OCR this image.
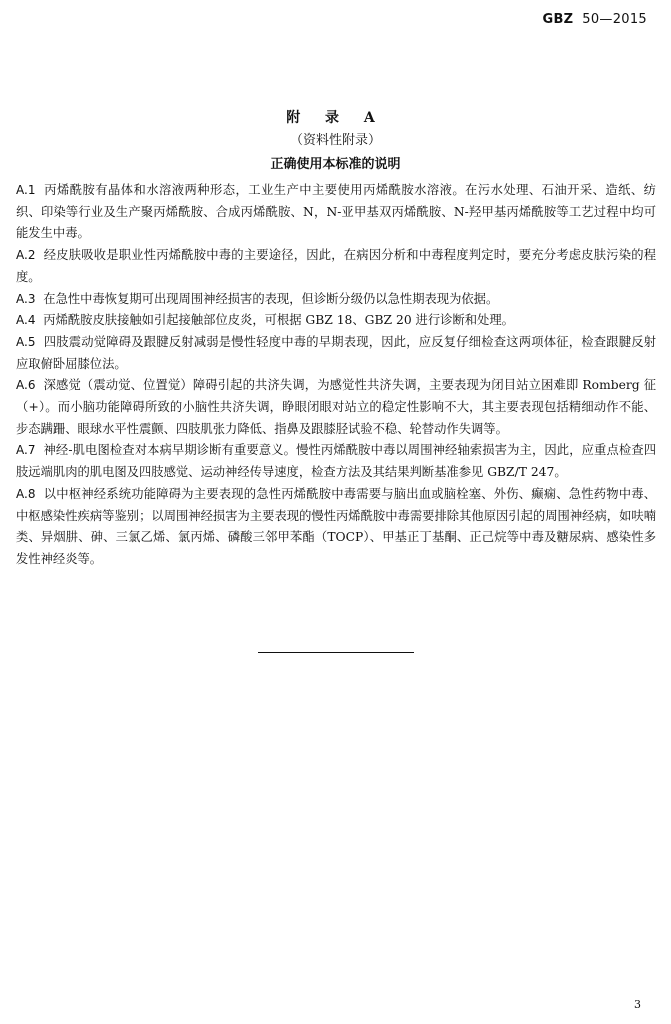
GBZ 50—2015
附 录 A
（资料性附录）
正确使用本标准的说明

A.1 丙烯酰胺有晶体和水溶液两种形态，工业生产中主要使用丙烯酰胺水溶液。在污水处理、石油开采、造纸、纺织、印染等行业及生产聚丙烯酰胺、合成丙烯酰胺、N，N-亚甲基双丙烯酰胺、N-羟甲基丙烯酰胺等工艺过程中均可能发生中毒。

A.2 经皮肤吸收是职业性丙烯酰胺中毒的主要途径，因此，在病因分析和中毒程度判定时，要充分考虑皮肤污染的程度。

A.3 在急性中毒恢复期可出现周围神经损害的表现，但诊断分级仍以急性期表现为依据。

A.4 丙烯酰胺皮肤接触如引起接触部位皮炎，可根据 GBZ 18、GBZ 20 进行诊断和处理。

A.5 四肢震动觉障碍及跟腱反射减弱是慢性轻度中毒的早期表现，因此，应反复仔细检查这两项体征，检查跟腱反射应取俯卧屈膝位法。

A.6 深感觉（震动觉、位置觉）障碍引起的共济失调，为感觉性共济失调，主要表现为闭目站立困难即 Romberg 征（+）。而小脑功能障碍所致的小脑性共济失调，睁眼闭眼对站立的稳定性影响不大，其主要表现包括精细动作不能、步态蹒跚、眼球水平性震颤、四肢肌张力降低、指鼻及跟膝胫试验不稳、轮替动作失调等。

A.7 神经-肌电图检查对本病早期诊断有重要意义。慢性丙烯酰胺中毒以周围神经轴索损害为主，因此，应重点检查四肢远端肌肉的肌电图及四肢感觉、运动神经传导速度，检查方法及其结果判断基准参见 GBZ/T 247。

A.8 以中枢神经系统功能障碍为主要表现的急性丙烯酰胺中毒需要与脑出血或脑栓塞、外伤、癫痫、急性药物中毒、中枢感染性疾病等鉴别；以周围神经损害为主要表现的慢性丙烯酰胺中毒需要排除其他原因引起的周围神经病，如呋喃类、异烟肼、砷、三氯乙烯、氯丙烯、磷酸三邻甲苯酯（TOCP）、甲基正丁基酮、正己烷等中毒及糖尿病、感染性多发性神经炎等。

3
